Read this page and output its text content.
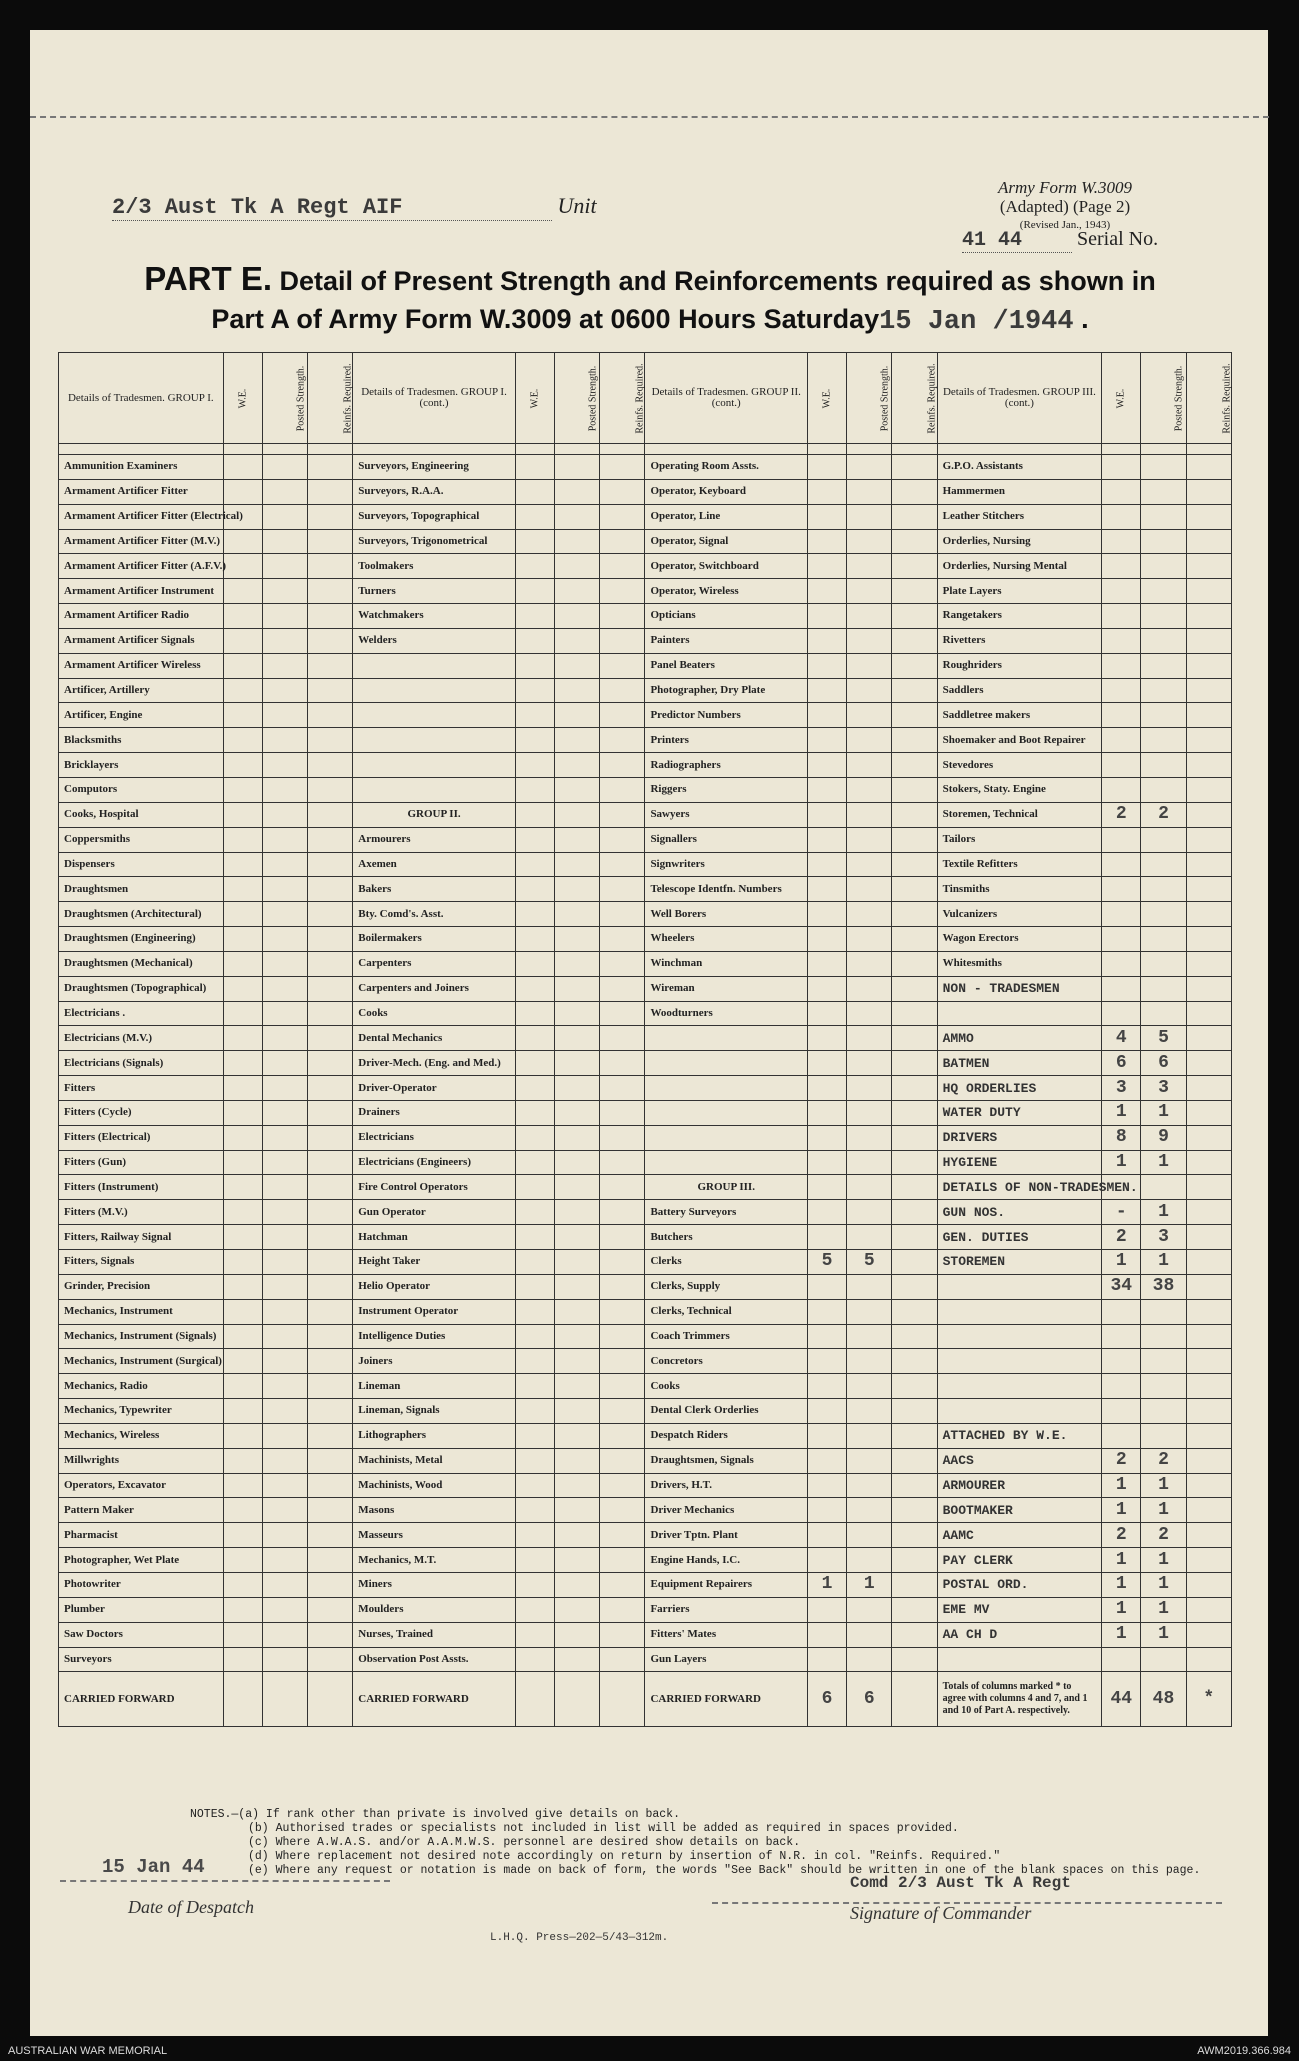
2/3 Aust Tk A Regt AIF	Unit
Army Form W.3009
(Adapted) (Page 2)
(Revised Jan., 1943)
41 44	Serial No.
PART E. Detail of Present Strength and Reinforcements required as shown in
Part A of Army Form W.3009 at 0600 Hours Saturday15 Jan /1944 .
Details of Tradesmen. GROUP I.	W.E.	Posted Strength.	Reinfs. Required.	Details of Tradesmen. GROUP I. (cont.)	W.E.	Posted Strength.	Reinfs. Required.	Details of Tradesmen. GROUP II. (cont.)	W.E.	Posted Strength.	Reinfs. Required.	Details of Tradesmen. GROUP III. (cont.)	W.E.	Posted Strength.	Reinfs. Required.

Ammunition Examiners				Surveyors, Engineering				Operating Room Assts.				G.P.O. Assistants			
Armament Artificer Fitter				Surveyors, R.A.A.				Operator, Keyboard				Hammermen			
Armament Artificer Fitter (Electrical)				Surveyors, Topographical				Operator, Line				Leather Stitchers			
Armament Artificer Fitter (M.V.)				Surveyors, Trigonometrical				Operator, Signal				Orderlies, Nursing			
Armament Artificer Fitter (A.F.V.)				Toolmakers				Operator, Switchboard				Orderlies, Nursing Mental			
Armament Artificer Instrument				Turners				Operator, Wireless				Plate Layers			
Armament Artificer Radio				Watchmakers				Opticians				Rangetakers			
Armament Artificer Signals				Welders				Painters				Rivetters			
Armament Artificer Wireless								Panel Beaters				Roughriders			
Artificer, Artillery								Photographer, Dry Plate				Saddlers			
Artificer, Engine								Predictor Numbers				Saddletree makers			
Blacksmiths								Printers				Shoemaker and Boot Repairer			
Bricklayers								Radiographers				Stevedores			
Computors								Riggers				Stokers, Staty. Engine			
Cooks, Hospital				GROUP II.				Sawyers				Storemen, Technical	2	2	
Coppersmiths				Armourers				Signallers				Tailors			
Dispensers				Axemen				Signwriters				Textile Refitters			
Draughtsmen				Bakers				Telescope Identfn. Numbers				Tinsmiths			
Draughtsmen (Architectural)				Bty. Comd's. Asst.				Well Borers				Vulcanizers			
Draughtsmen (Engineering)				Boilermakers				Wheelers				Wagon Erectors			
Draughtsmen (Mechanical)				Carpenters				Winchman				Whitesmiths			
Draughtsmen (Topographical)				Carpenters and Joiners				Wireman				NON - TRADESMEN			
Electricians .				Cooks				Woodturners							
Electricians (M.V.)				Dental Mechanics								AMMO	4	5	
Electricians (Signals)				Driver-Mech. (Eng. and Med.)								BATMEN	6	6	
Fitters				Driver-Operator								HQ ORDERLIES	3	3	
Fitters (Cycle)				Drainers								WATER DUTY	1	1	
Fitters (Electrical)				Electricians								DRIVERS	8	9	
Fitters (Gun)				Electricians (Engineers)								HYGIENE	1	1	
Fitters (Instrument)				Fire Control Operators				GROUP III.				DETAILS OF NON-TRADESMEN.			
Fitters (M.V.)				Gun Operator				Battery Surveyors				GUN NOS.	-	1	
Fitters, Railway Signal				Hatchman				Butchers				GEN. DUTIES	2	3	
Fitters, Signals				Height Taker				Clerks	5	5		STOREMEN	1	1	
Grinder, Precision				Helio Operator				Clerks, Supply					34	38	
Mechanics, Instrument				Instrument Operator				Clerks, Technical							
Mechanics, Instrument (Signals)				Intelligence Duties				Coach Trimmers							
Mechanics, Instrument (Surgical)				Joiners				Concretors							
Mechanics, Radio				Lineman				Cooks							
Mechanics, Typewriter				Lineman, Signals				Dental Clerk Orderlies							
Mechanics, Wireless				Lithographers				Despatch Riders				ATTACHED BY W.E.			
Millwrights				Machinists, Metal				Draughtsmen, Signals				AACS	2	2	
Operators, Excavator				Machinists, Wood				Drivers, H.T.				ARMOURER	1	1	
Pattern Maker				Masons				Driver Mechanics				BOOTMAKER	1	1	
Pharmacist				Masseurs				Driver Tptn. Plant				AAMC	2	2	
Photographer, Wet Plate				Mechanics, M.T.				Engine Hands, I.C.				PAY CLERK	1	1	
Photowriter				Miners				Equipment Repairers	1	1		POSTAL ORD.	1	1	
Plumber				Moulders				Farriers				EME MV	1	1	
Saw Doctors				Nurses, Trained				Fitters' Mates				AA CH D	1	1	
Surveyors				Observation Post Assts.				Gun Layers							
CARRIED FORWARD				CARRIED FORWARD				CARRIED FORWARD	6	6		Totals of columns marked * to agree with columns 4 and 7, and 1 and 10 of Part A. respectively.	44	48	*
NOTES.—(a) If rank other than private is involved give details on back.
(b) Authorised trades or specialists not included in list will be added as required in spaces provided.
(c) Where A.W.A.S. and/or A.A.M.W.S. personnel are desired show details on back.
(d) Where replacement not desired note accordingly on return by insertion of N.R. in col. "Reinfs. Required."
(e) Where any request or notation is made on back of form, the words "See Back" should be written in one of the blank spaces on this page.
15 Jan 44
Date of Despatch
Comd 2/3 Aust Tk A Regt
Signature of Commander
L.H.Q. Press—202—5/43—312m.
AUSTRALIAN WAR MEMORIAL	AWM2019.366.984
